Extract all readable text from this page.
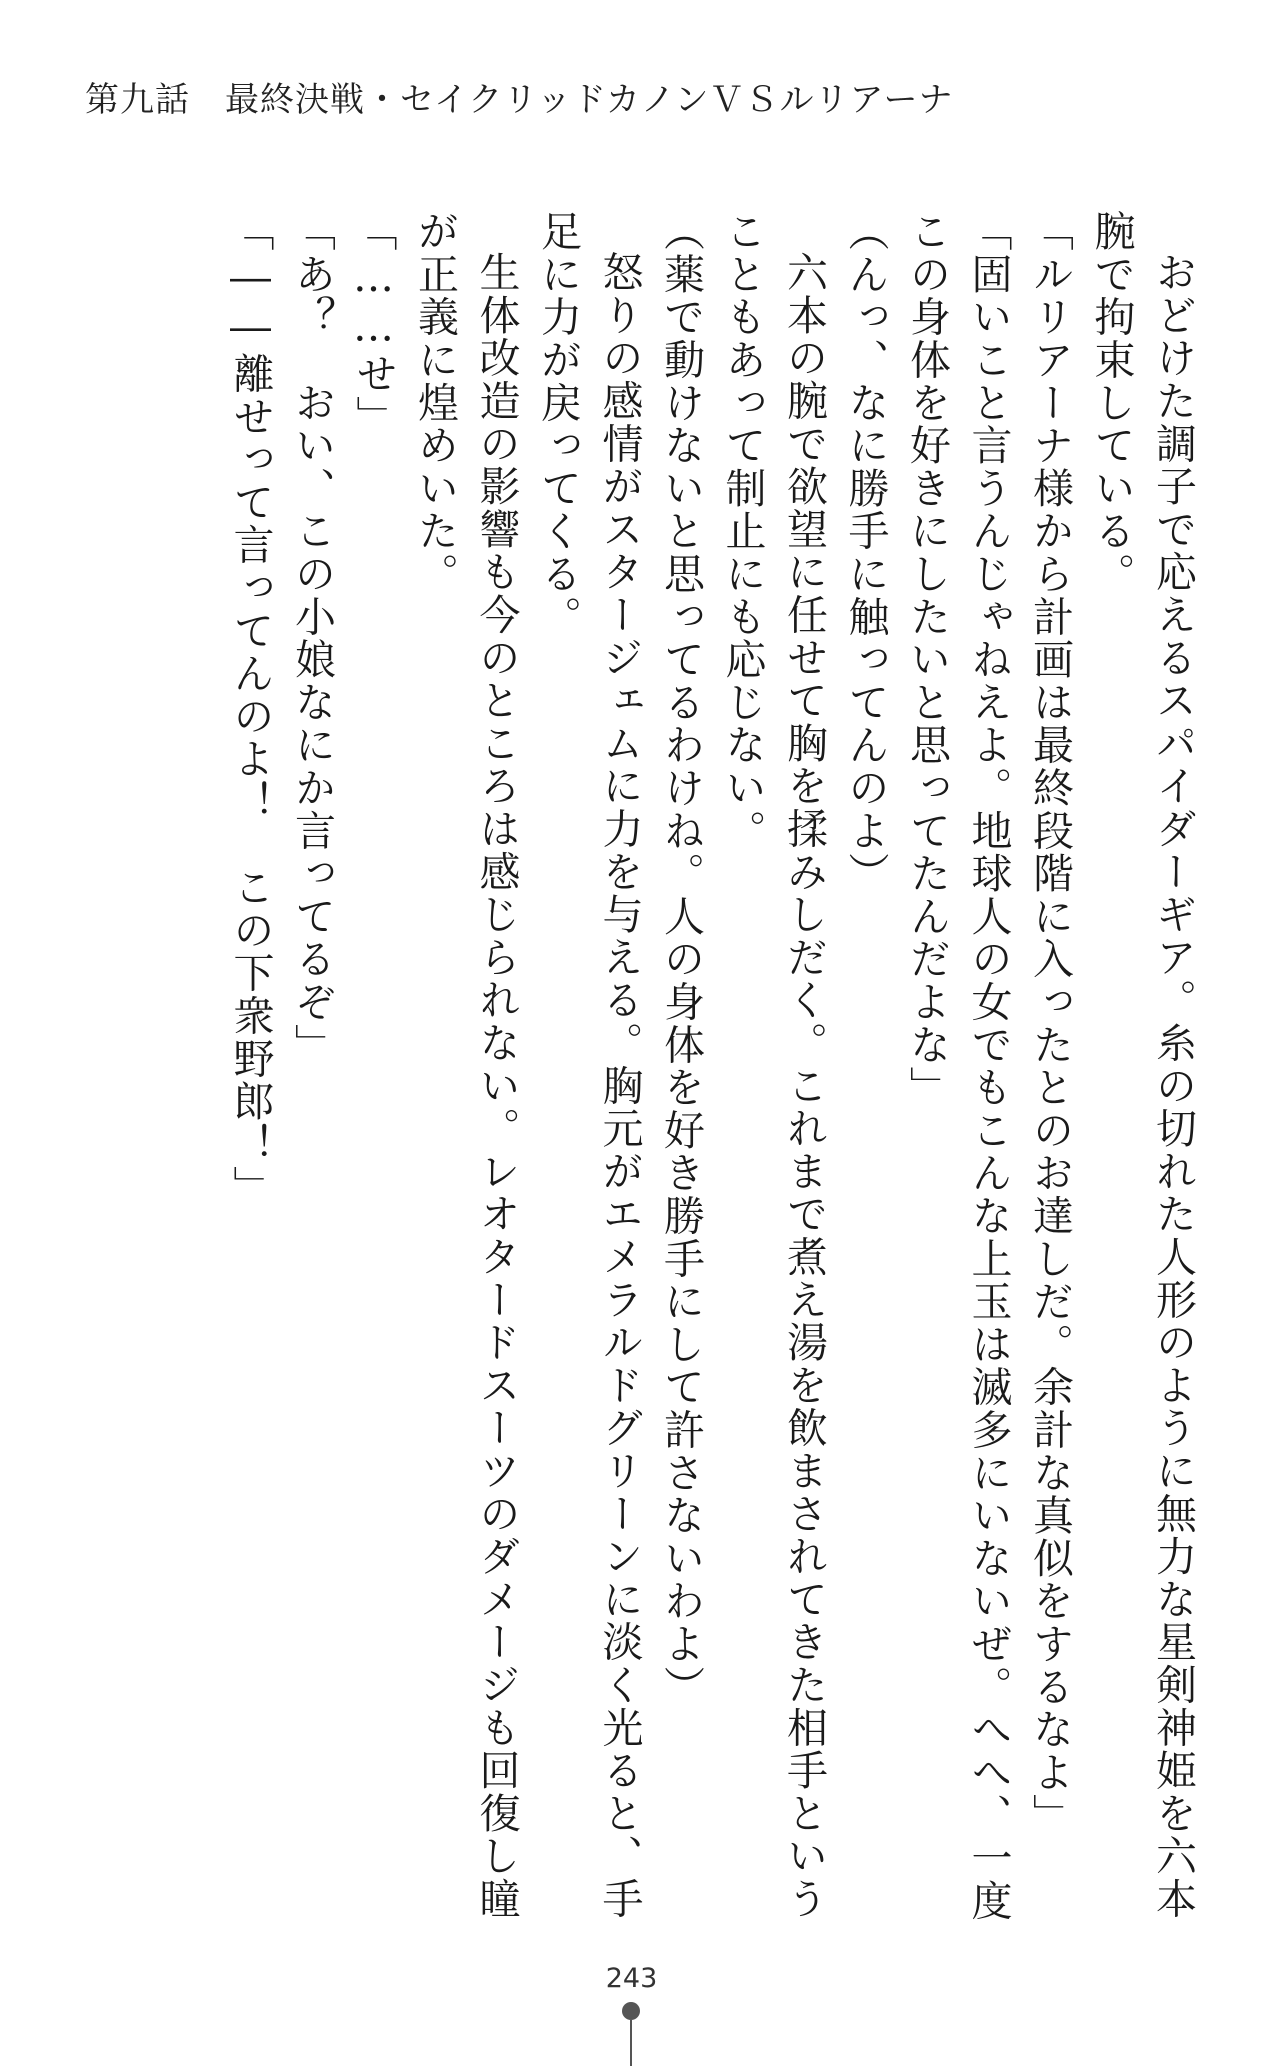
第九話　最終決戦・セイクリッドカノンＶＳルリアーナ
おどけた調子で応えるスパイダーギア。糸の切れた人形のように無力な星剣神姫を六本
腕で拘束している。
「ルリアーナ様から計画は最終段階に入ったとのお達しだ。余計な真似をするなよ」
「固いこと言うんじゃねえよ。地球人の女でもこんな上玉は滅多にいないぜ。へへ、一度
この身体を好きにしたいと思ってたんだよな」
（んっ、なに勝手に触ってんのよ）
六本の腕で欲望に任せて胸を揉みしだく。これまで煮え湯を飲まされてきた相手という
こともあって制止にも応じない。
（薬で動けないと思ってるわけね。人の身体を好き勝手にして許さないわよ）
怒りの感情がスタージェムに力を与える。胸元がエメラルドグリーンに淡く光ると、手
足に力が戻ってくる。
生体改造の影響も今のところは感じられない。レオタードスーツのダメージも回復し瞳
が正義に煌めいた。
「……せ」
「あ？　おい、この小娘なにか言ってるぞ」
「――離せって言ってんのよ！　この下衆野郎！」
243
